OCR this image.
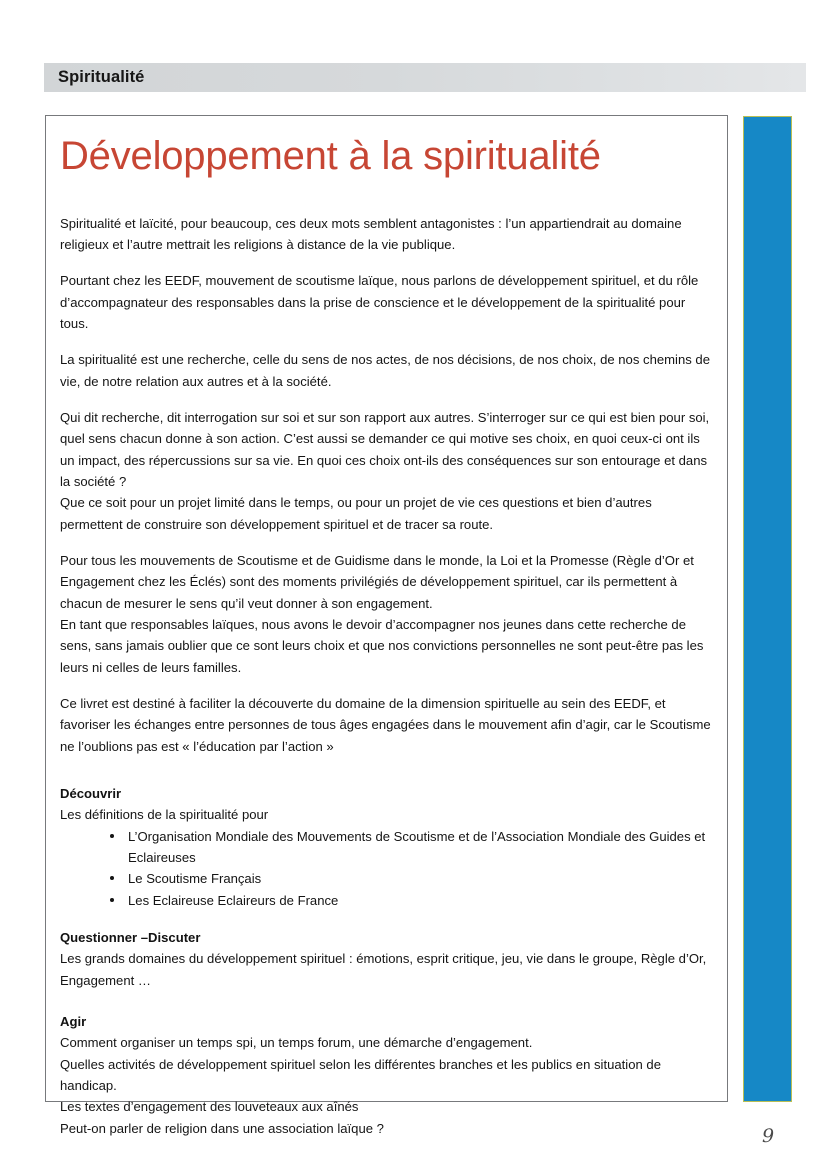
Spiritualité
Développement à la spiritualité

Spiritualité et laïcité, pour beaucoup, ces deux mots semblent antagonistes : l’un appartiendrait au domaine religieux et l’autre mettrait les religions à distance de la vie publique.

Pourtant chez les EEDF, mouvement de scoutisme laïque, nous parlons de développement spirituel, et du rôle d’accompagnateur des responsables dans la prise de conscience et le développement de la spiritualité pour tous.

La spiritualité est une recherche, celle du sens de nos actes, de nos décisions, de nos choix, de nos chemins de vie, de notre relation aux autres et à la société.

Qui dit recherche, dit interrogation sur soi et sur son rapport aux autres. S’interroger sur ce qui est bien pour soi, quel sens chacun donne à son action. C’est aussi se demander ce qui motive ses choix, en quoi ceux-ci ont ils un impact, des répercussions sur sa vie. En quoi ces choix ont-ils des conséquences sur son entourage et dans la société ?

Que ce soit pour un projet limité dans le temps, ou pour un projet de vie ces questions et bien d’autres permettent de construire son développement spirituel et de tracer sa route.

Pour tous les mouvements de Scoutisme et de Guidisme dans le monde, la Loi et la Promesse (Règle d’Or et Engagement chez les Éclés) sont des moments privilégiés de développement spirituel, car ils permettent à chacun de mesurer le sens qu’il veut donner à son engagement.

En tant que responsables laïques, nous avons le devoir d’accompagner nos jeunes dans cette recherche de sens, sans jamais oublier que ce sont leurs choix et que nos convictions personnelles ne sont peut-être pas les leurs ni celles de leurs familles.

Ce livret est destiné à faciliter la découverte du domaine de la dimension spirituelle au sein des EEDF, et favoriser les échanges entre personnes de tous âges engagées dans le mouvement afin d’agir, car le Scoutisme ne l’oublions pas est « l’éducation par l’action »

Découvrir
Les définitions de la spiritualité pour
L’Organisation Mondiale des Mouvements de Scoutisme et de l’Association Mondiale des Guides et Eclaireuses
Le Scoutisme Français
Les Eclaireuse Eclaireurs de France
Questionner –Discuter

Les grands domaines du développement spirituel : émotions, esprit critique, jeu, vie dans le groupe, Règle d’Or, Engagement …

Agir

Comment organiser un temps spi, un temps forum, une démarche d’engagement.

Quelles activités de développement spirituel selon les différentes branches et les publics en situation de handicap.

Les textes d’engagement des louveteaux aux aînés

Peut-on parler de religion dans une association laïque ?	9
